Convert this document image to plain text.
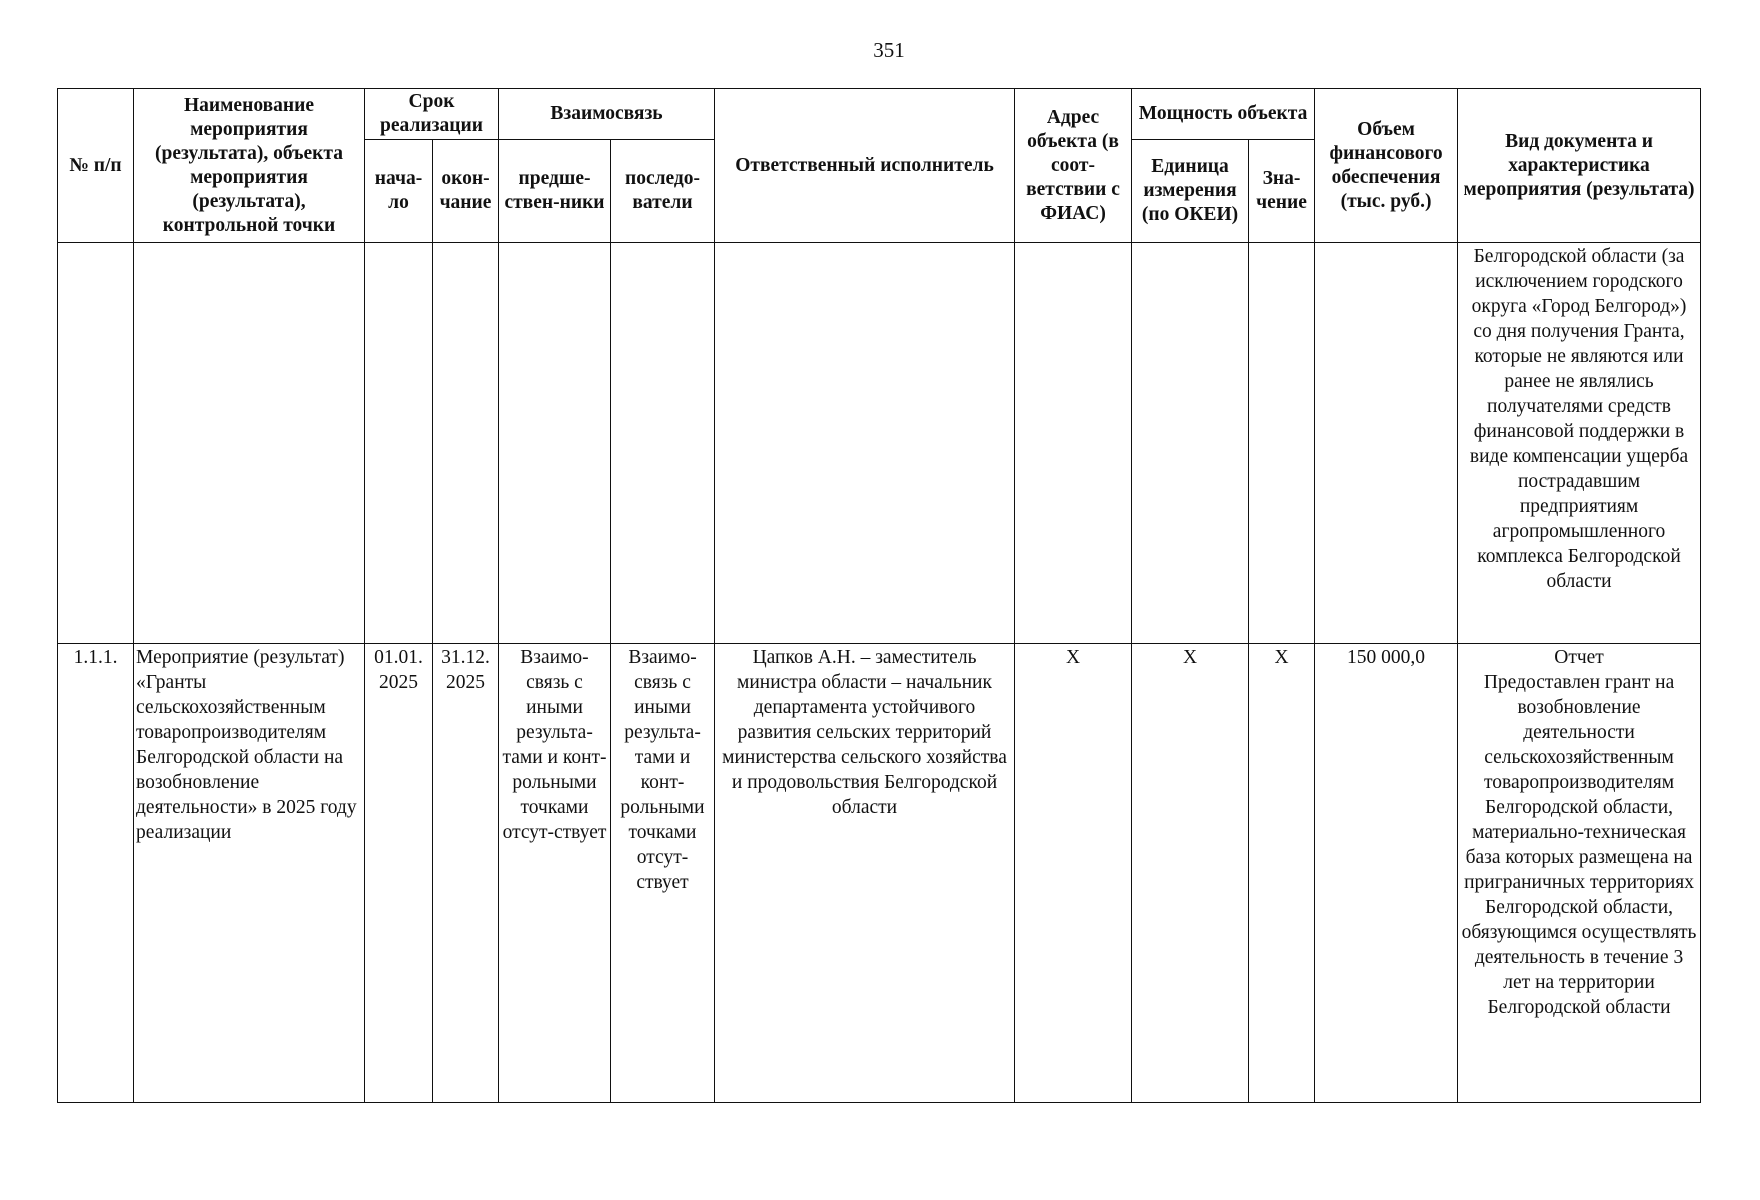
351
№ п/п	Наименование мероприятия (результата), объекта мероприятия (результата), контрольной точки	Срок реализации		Взаимосвязь		Ответственный исполнитель	Адрес объекта (в соот-ветствии с ФИАС)	Мощность объекта		Объем финансового обеспечения (тыс. руб.)	Вид документа и характеристика мероприятия (результата)
		нача-ло	окон-чание	предше-ствен-ники	последо-ватели			Единица измерения (по ОКЕИ)	Зна-чение		
											Белгородской области (за исключением городского округа «Город Белгород») со дня получения Гранта, которые не являются или ранее не являлись получателями средств финансовой поддержки в виде компенсации ущерба пострадавшим предприятиям агропромышленного комплекса Белгородской области
1.1.1.	Мероприятие (результат) «Гранты сельскохозяйственным товаропроизводителям Белгородской области на возобновление деятельности» в 2025 году реализации	01.01. 2025	31.12. 2025	Взаимо-связь с иными результа-тами и конт-рольными точками отсут-ствует	Взаимо-связь с иными результа-тами и конт-рольными точками отсут-ствует	Цапков А.Н. – заместитель министра области – начальник департамента устойчивого развития сельских территорий министерства сельского хозяйства и продовольствия Белгородской области	Х	Х	Х	150 000,0	Отчет
Предоставлен грант на возобновление деятельности сельскохозяйственным товаропроизводителям Белгородской области, материально-техническая база которых размещена на приграничных территориях Белгородской области, обязующимся осуществлять деятельность в течение 3 лет на территории Белгородской области
